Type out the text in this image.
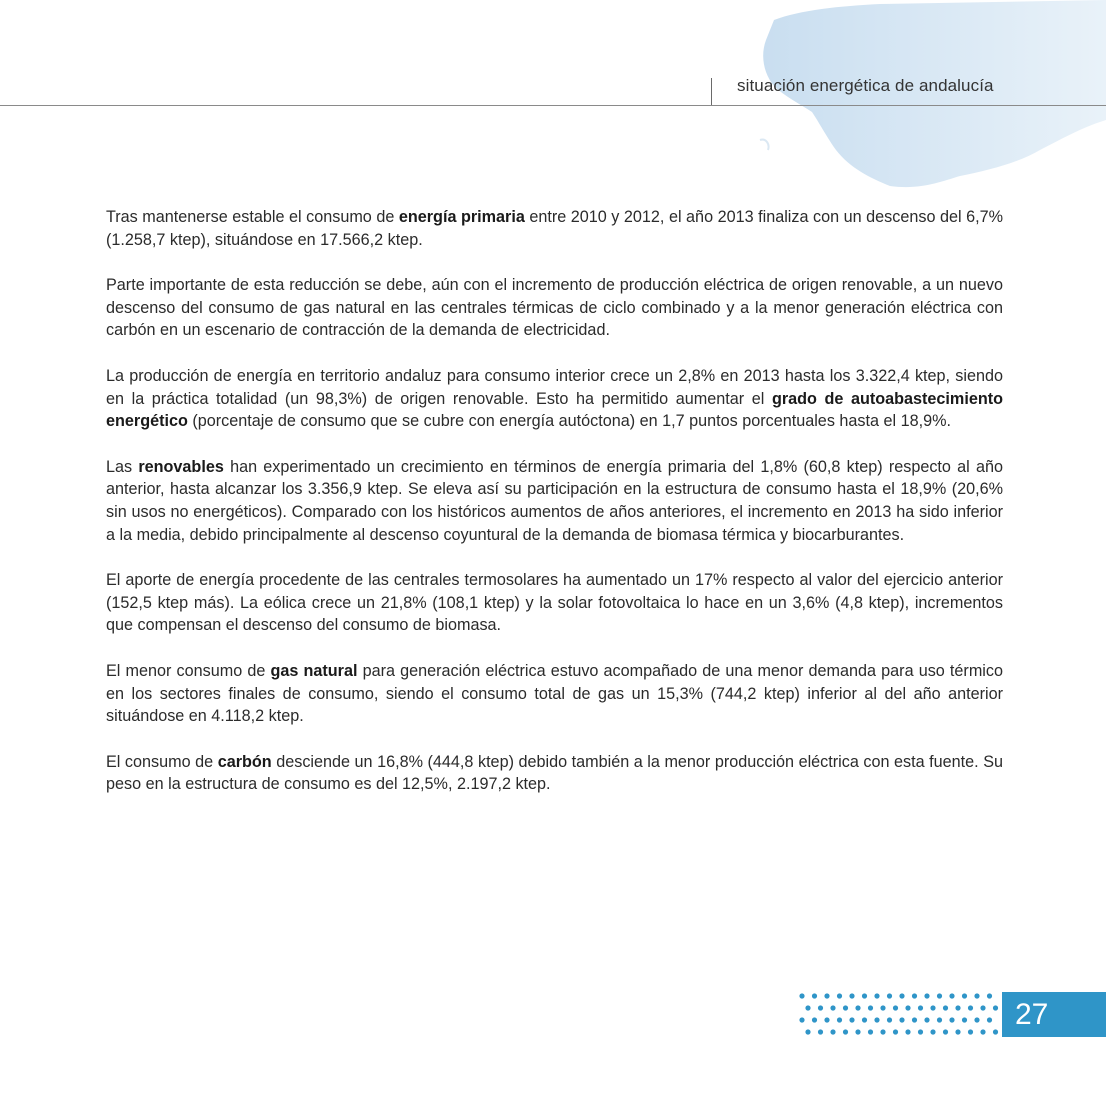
situación energética de andalucía

Tras mantenerse estable el consumo de energía primaria entre 2010 y 2012, el año 2013 finaliza con un descenso del 6,7% (1.258,7 ktep), situándose en 17.566,2 ktep.

Parte importante de esta reducción se debe, aún con el incremento de producción eléctrica de origen renovable, a un nuevo descenso del consumo de gas natural en las centrales térmicas de ciclo combinado y a la menor generación eléctrica con carbón en un escenario de contracción de la demanda de electricidad.

La producción de energía en territorio andaluz para consumo interior crece un 2,8% en 2013 hasta los 3.322,4 ktep, siendo en la práctica totalidad (un 98,3%) de origen renovable. Esto ha permitido aumentar el grado de autoabastecimiento energético (porcentaje de consumo que se cubre con energía autóctona) en 1,7 puntos porcentuales hasta el 18,9%.

Las renovables han experimentado un crecimiento en términos de energía primaria del 1,8% (60,8 ktep) respecto al año anterior, hasta alcanzar los 3.356,9 ktep. Se eleva así su participación en la estructura de consumo hasta el 18,9% (20,6% sin usos no energéticos). Comparado con los históricos aumentos de años anteriores, el incremento en 2013 ha sido inferior a la media, debido principalmente al descenso coyuntural de la demanda de biomasa térmica y biocarburantes.

El aporte de energía procedente de las centrales termosolares ha aumentado un 17% respecto al valor del ejercicio anterior (152,5 ktep más). La eólica crece un 21,8% (108,1 ktep) y la solar fotovoltaica lo hace en un 3,6% (4,8 ktep), incrementos que compensan el descenso del consumo de biomasa.

El menor consumo de gas natural para generación eléctrica estuvo acompañado de una menor demanda para uso térmico en los sectores finales de consumo, siendo el consumo total de gas un 15,3% (744,2 ktep) inferior al del año anterior situándose en 4.118,2 ktep.

El consumo de carbón desciende un 16,8% (444,8 ktep) debido también a la menor producción eléctrica con esta fuente. Su peso en la estructura de consumo es del 12,5%, 2.197,2 ktep.

27
